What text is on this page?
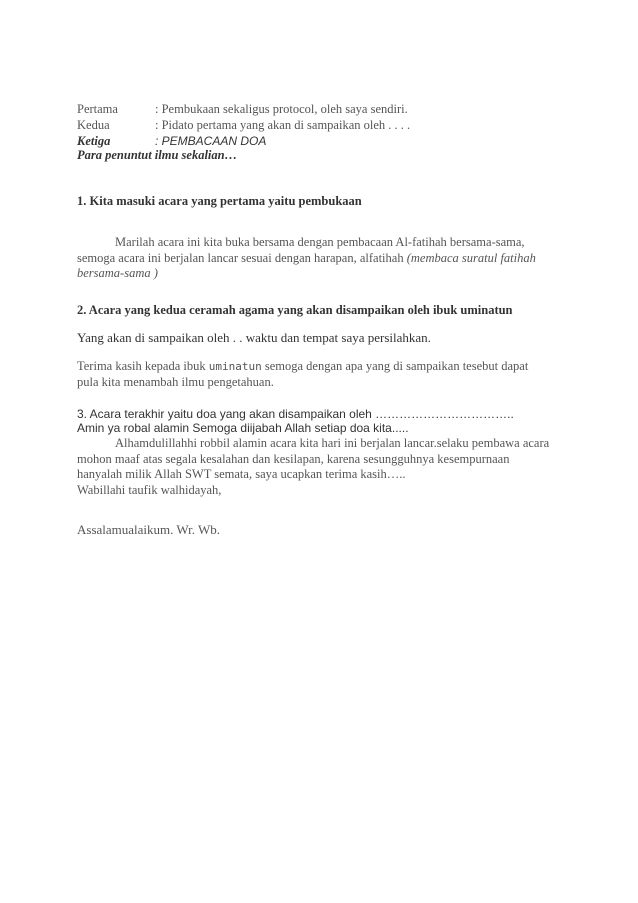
Pertama	: Pembukaan sekaligus protocol, oleh saya sendiri.
Kedua	: Pidato pertama yang akan di sampaikan oleh . . . .
Ketiga	: PEMBACAAN DOA
Para penuntut ilmu sekalian…
1. Kita masuki acara yang pertama yaitu pembukaan
Marilah acara ini kita buka bersama dengan pembacaan Al-fatihah bersama-sama,
semoga acara ini berjalan lancar sesuai dengan harapan, alfatihah (membaca suratul fatihah
bersama-sama )
2. Acara yang kedua ceramah agama yang akan disampaikan oleh ibuk uminatun
Yang akan di sampaikan oleh . . waktu dan tempat saya persilahkan.
Terima kasih kepada ibuk uminatun semoga dengan apa yang di sampaikan tesebut dapat
pula kita menambah ilmu pengetahuan.
3. Acara terakhir yaitu doa yang akan disampaikan oleh ……………………………..
Amin ya robal alamin Semoga diijabah Allah setiap doa kita.....
Alhamdulillahhi robbil alamin acara kita hari ini berjalan lancar.selaku pembawa acara
mohon maaf atas segala kesalahan dan kesilapan, karena sesungguhnya kesempurnaan
hanyalah milik Allah SWT semata, saya ucapkan terima kasih…..
Wabillahi taufik walhidayah,
Assalamualaikum. Wr. Wb.
